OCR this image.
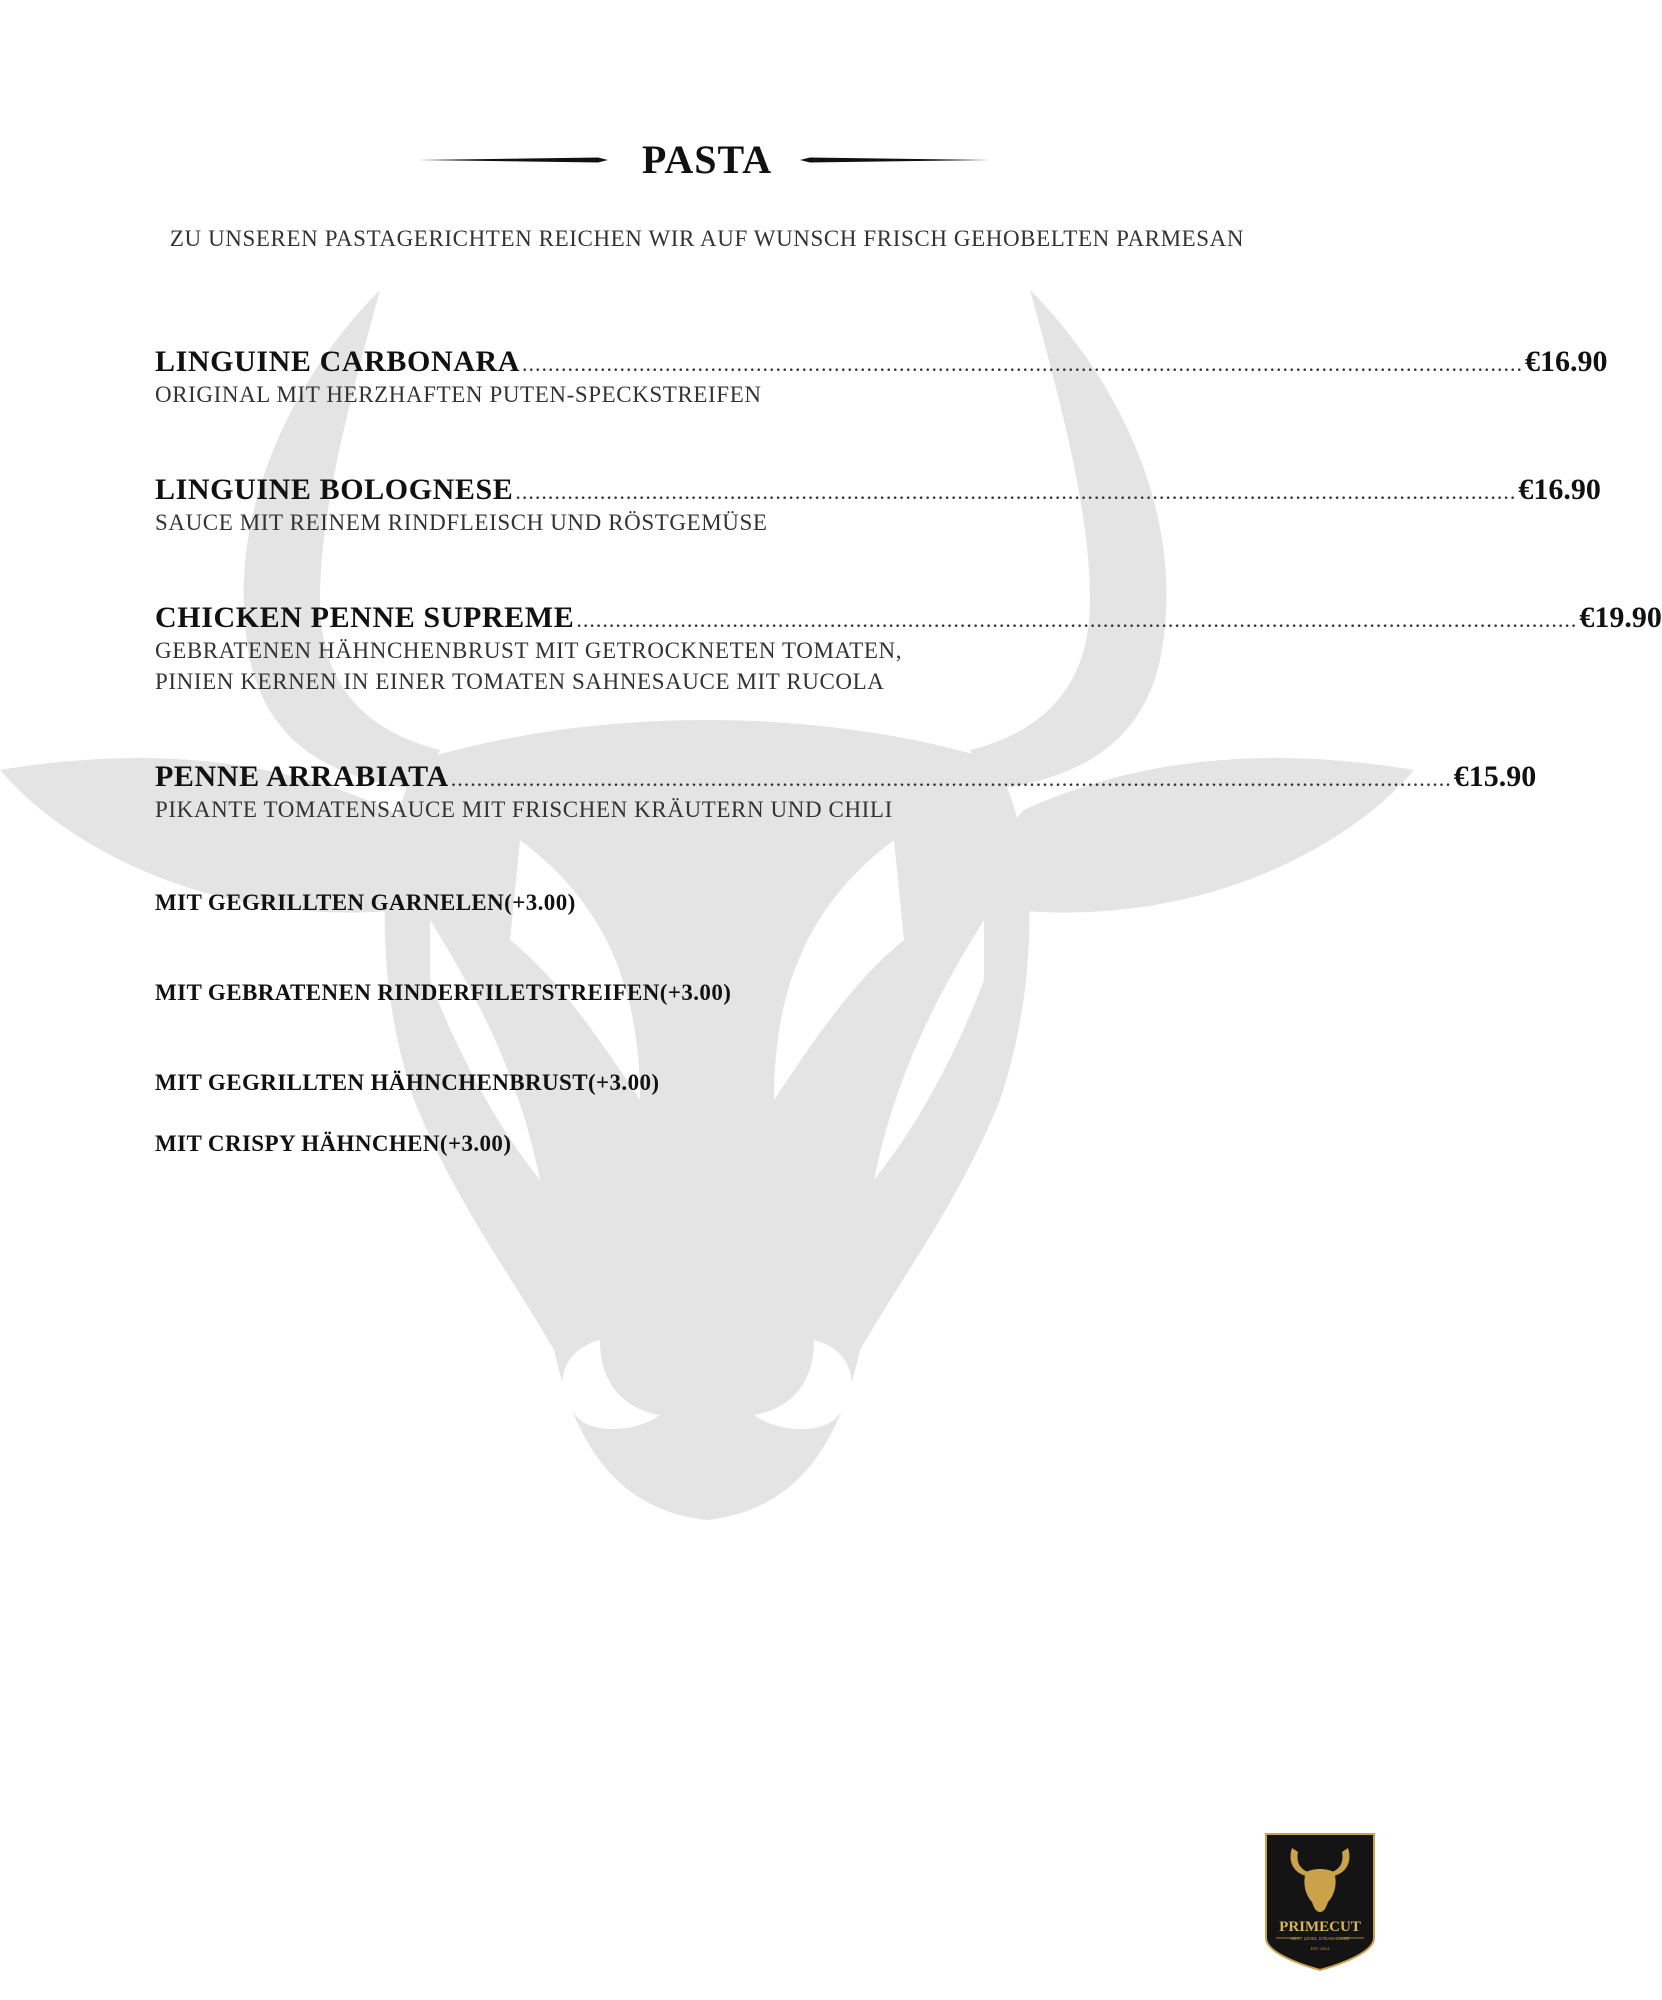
PASTA
ZU UNSEREN PASTAGERICHTEN REICHEN WIR AUF WUNSCH FRISCH GEHOBELTEN PARMESAN
LINGUINE CARBONARA .......................................................................................................................................................... €16.90
ORIGINAL MIT HERZHAFTEN PUTEN-SPECKSTREIFEN
LINGUINE BOLOGNESE .......................................................................................................................................................... €16.90
SAUCE MIT REINEM RINDFLEISCH UND RÖSTGEMÜSE
CHICKEN PENNE SUPREME .......................................................................................................................................................... €19.90
GEBRATENEN HÄHNCHENBRUST MIT GETROCKNETEN TOMATEN,
PINIEN KERNEN IN EINER TOMATEN SAHNESAUCE MIT RUCOLA
PENNE ARRABIATA .......................................................................................................................................................... €15.90
PIKANTE TOMATENSAUCE MIT FRISCHEN KRÄUTERN UND CHILI
MIT GEGRILLTEN GARNELEN(+3.00)
MIT GEBRATENEN RINDERFILETSTREIFEN(+3.00)
MIT GEGRILLTEN HÄHNCHENBRUST(+3.00)
MIT CRISPY HÄHNCHEN(+3.00)
PRIMECUT
NEXT LEVEL STEAKHOUSE
EST. 2014
